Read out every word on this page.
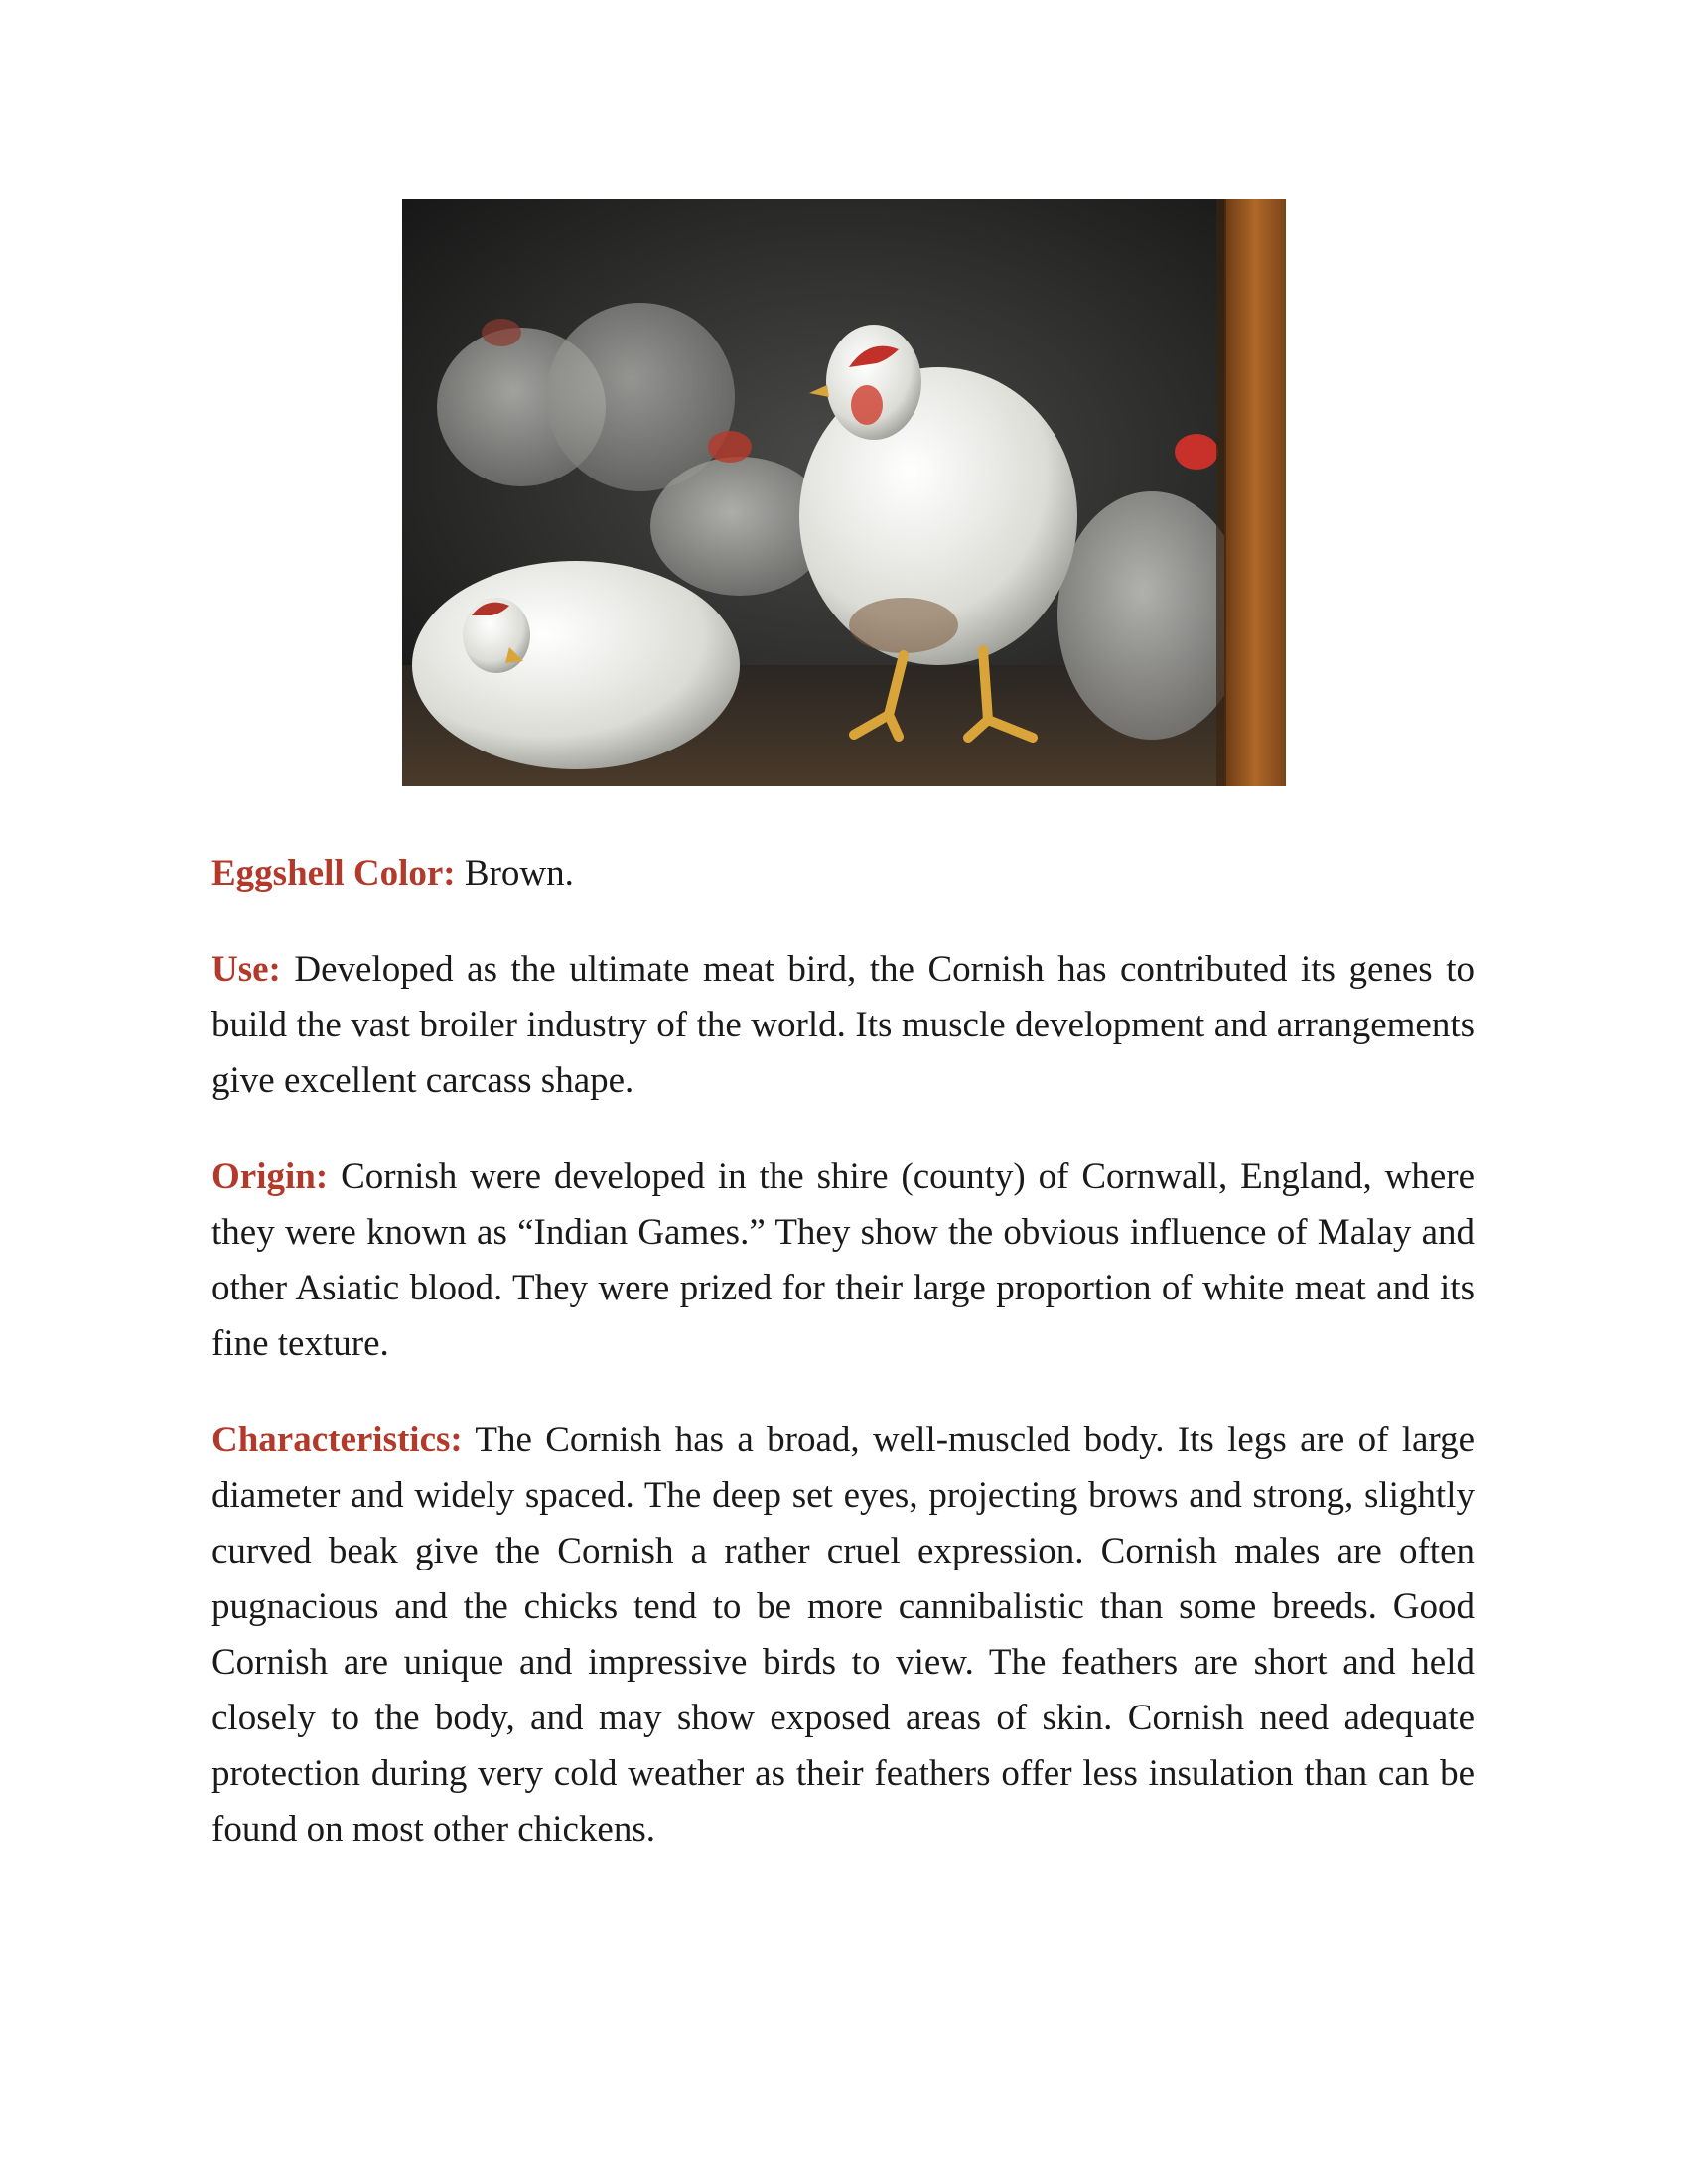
Eggshell Color: Brown.

Use: Developed as the ultimate meat bird, the Cornish has contributed its genes to build the vast broiler industry of the world. Its muscle development and arrangements give excellent carcass shape.

Origin: Cornish were developed in the shire (county) of Cornwall, England, where they were known as “Indian Games.” They show the obvious influence of Malay and other Asiatic blood. They were prized for their large proportion of white meat and its fine texture.

Characteristics: The Cornish has a broad, well-muscled body. Its legs are of large diameter and widely spaced. The deep set eyes, projecting brows and strong, slightly curved beak give the Cornish a rather cruel expression. Cornish males are often pugnacious and the chicks tend to be more cannibalistic than some breeds. Good Cornish are unique and impressive birds to view. The feathers are short and held closely to the body, and may show exposed areas of skin. Cornish need adequate protection during very cold weather as their feathers offer less insulation than can be found on most other chickens.
